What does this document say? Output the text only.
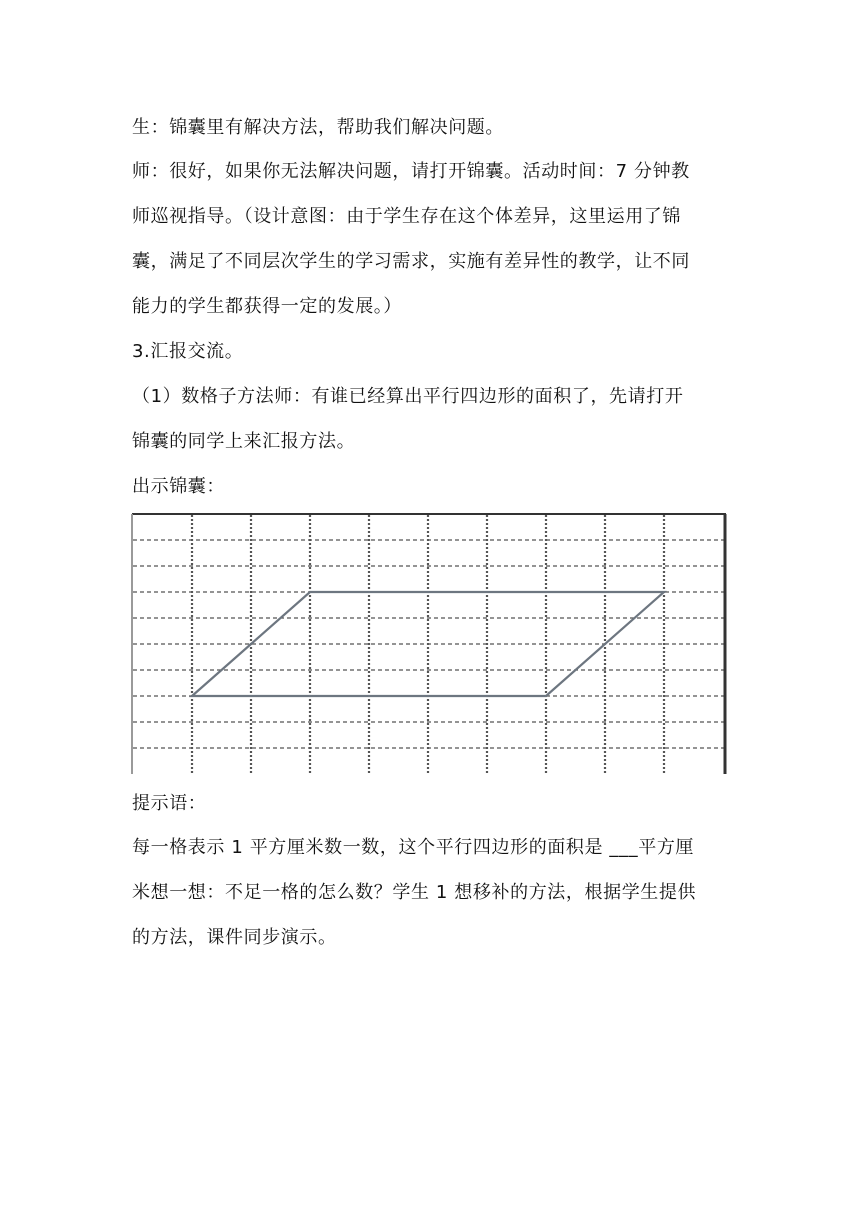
生：锦囊里有解决方法，帮助我们解决问题。
师：很好，如果你无法解决问题，请打开锦囊。活动时间：7 分钟教
师巡视指导。（设计意图：由于学生存在这个体差异，这里运用了锦
囊，满足了不同层次学生的学习需求，实施有差异性的教学，让不同
能力的学生都获得一定的发展。）
3.汇报交流。
（1）数格子方法师：有谁已经算出平行四边形的面积了，先请打开
锦囊的同学上来汇报方法。
出示锦囊：
提示语：
每一格表示 1 平方厘米数一数，这个平行四边形的面积是 ___平方厘
米想一想：不足一格的怎么数？学生 1 想移补的方法，根据学生提供
的方法，课件同步演示。
